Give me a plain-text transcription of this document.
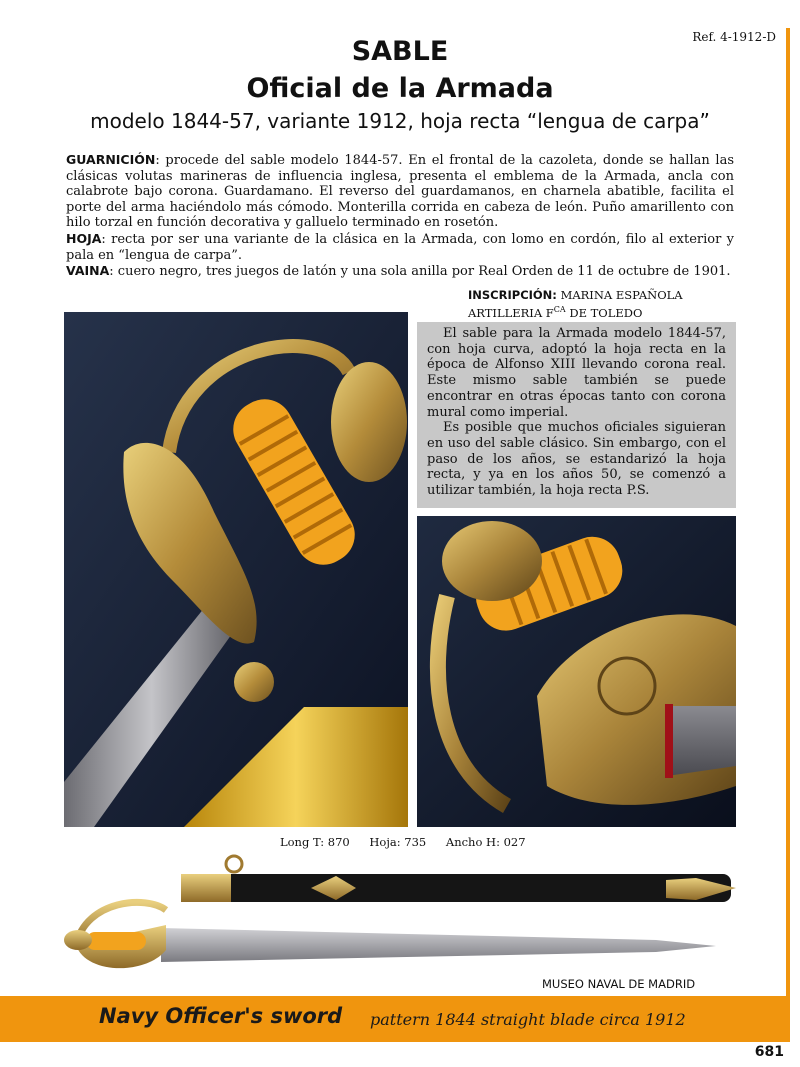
Ref. 4-1912-D
SABLE
Oficial de la Armada
modelo 1844-57, variante 1912, hoja recta “lengua de carpa”

GUARNICIÓN: procede del sable modelo 1844-57. En el frontal de la cazoleta, donde se hallan las clásicas volutas marineras de influencia inglesa, presenta el emblema de la Armada, ancla con calabrote bajo corona. Guardamano. El reverso del guardamanos, en charnela abatible, facilita el porte del arma haciéndolo más cómodo. Monterilla corrida en cabeza de león. Puño amarillento con hilo torzal en función decorativa y galluelo terminado en rosetón.

HOJA: recta por ser una variante de la clásica en la Armada, con lomo en cordón, filo al exterior y pala en “lengua de carpa”.

VAINA: cuero negro, tres juegos de latón y una sola anilla por Real Orden de 11 de octubre de 1901.

INSCRIPCIÓN: MARINA ESPAÑOLA
ARTILLERIA $F^{CA}$ DE TOLEDO

El sable para la Armada modelo 1844-57, con hoja curva, adoptó la hoja recta en la época de Alfonso XIII llevando corona real. Este mismo sable también se puede encontrar en otras épocas tanto con corona mural como imperial.

Es posible que muchos oficiales siguieran en uso del sable clásico. Sin embargo, con el paso de los años, se estandarizó la hoja recta, y ya en los años 50, se comenzó a utilizar también, la hoja recta P.S.

Long T: 870 Hoja: 735 Ancho H: 027
MUSEO NAVAL DE MADRID
Navy Officer's sword pattern 1844 straight blade circa 1912
681
